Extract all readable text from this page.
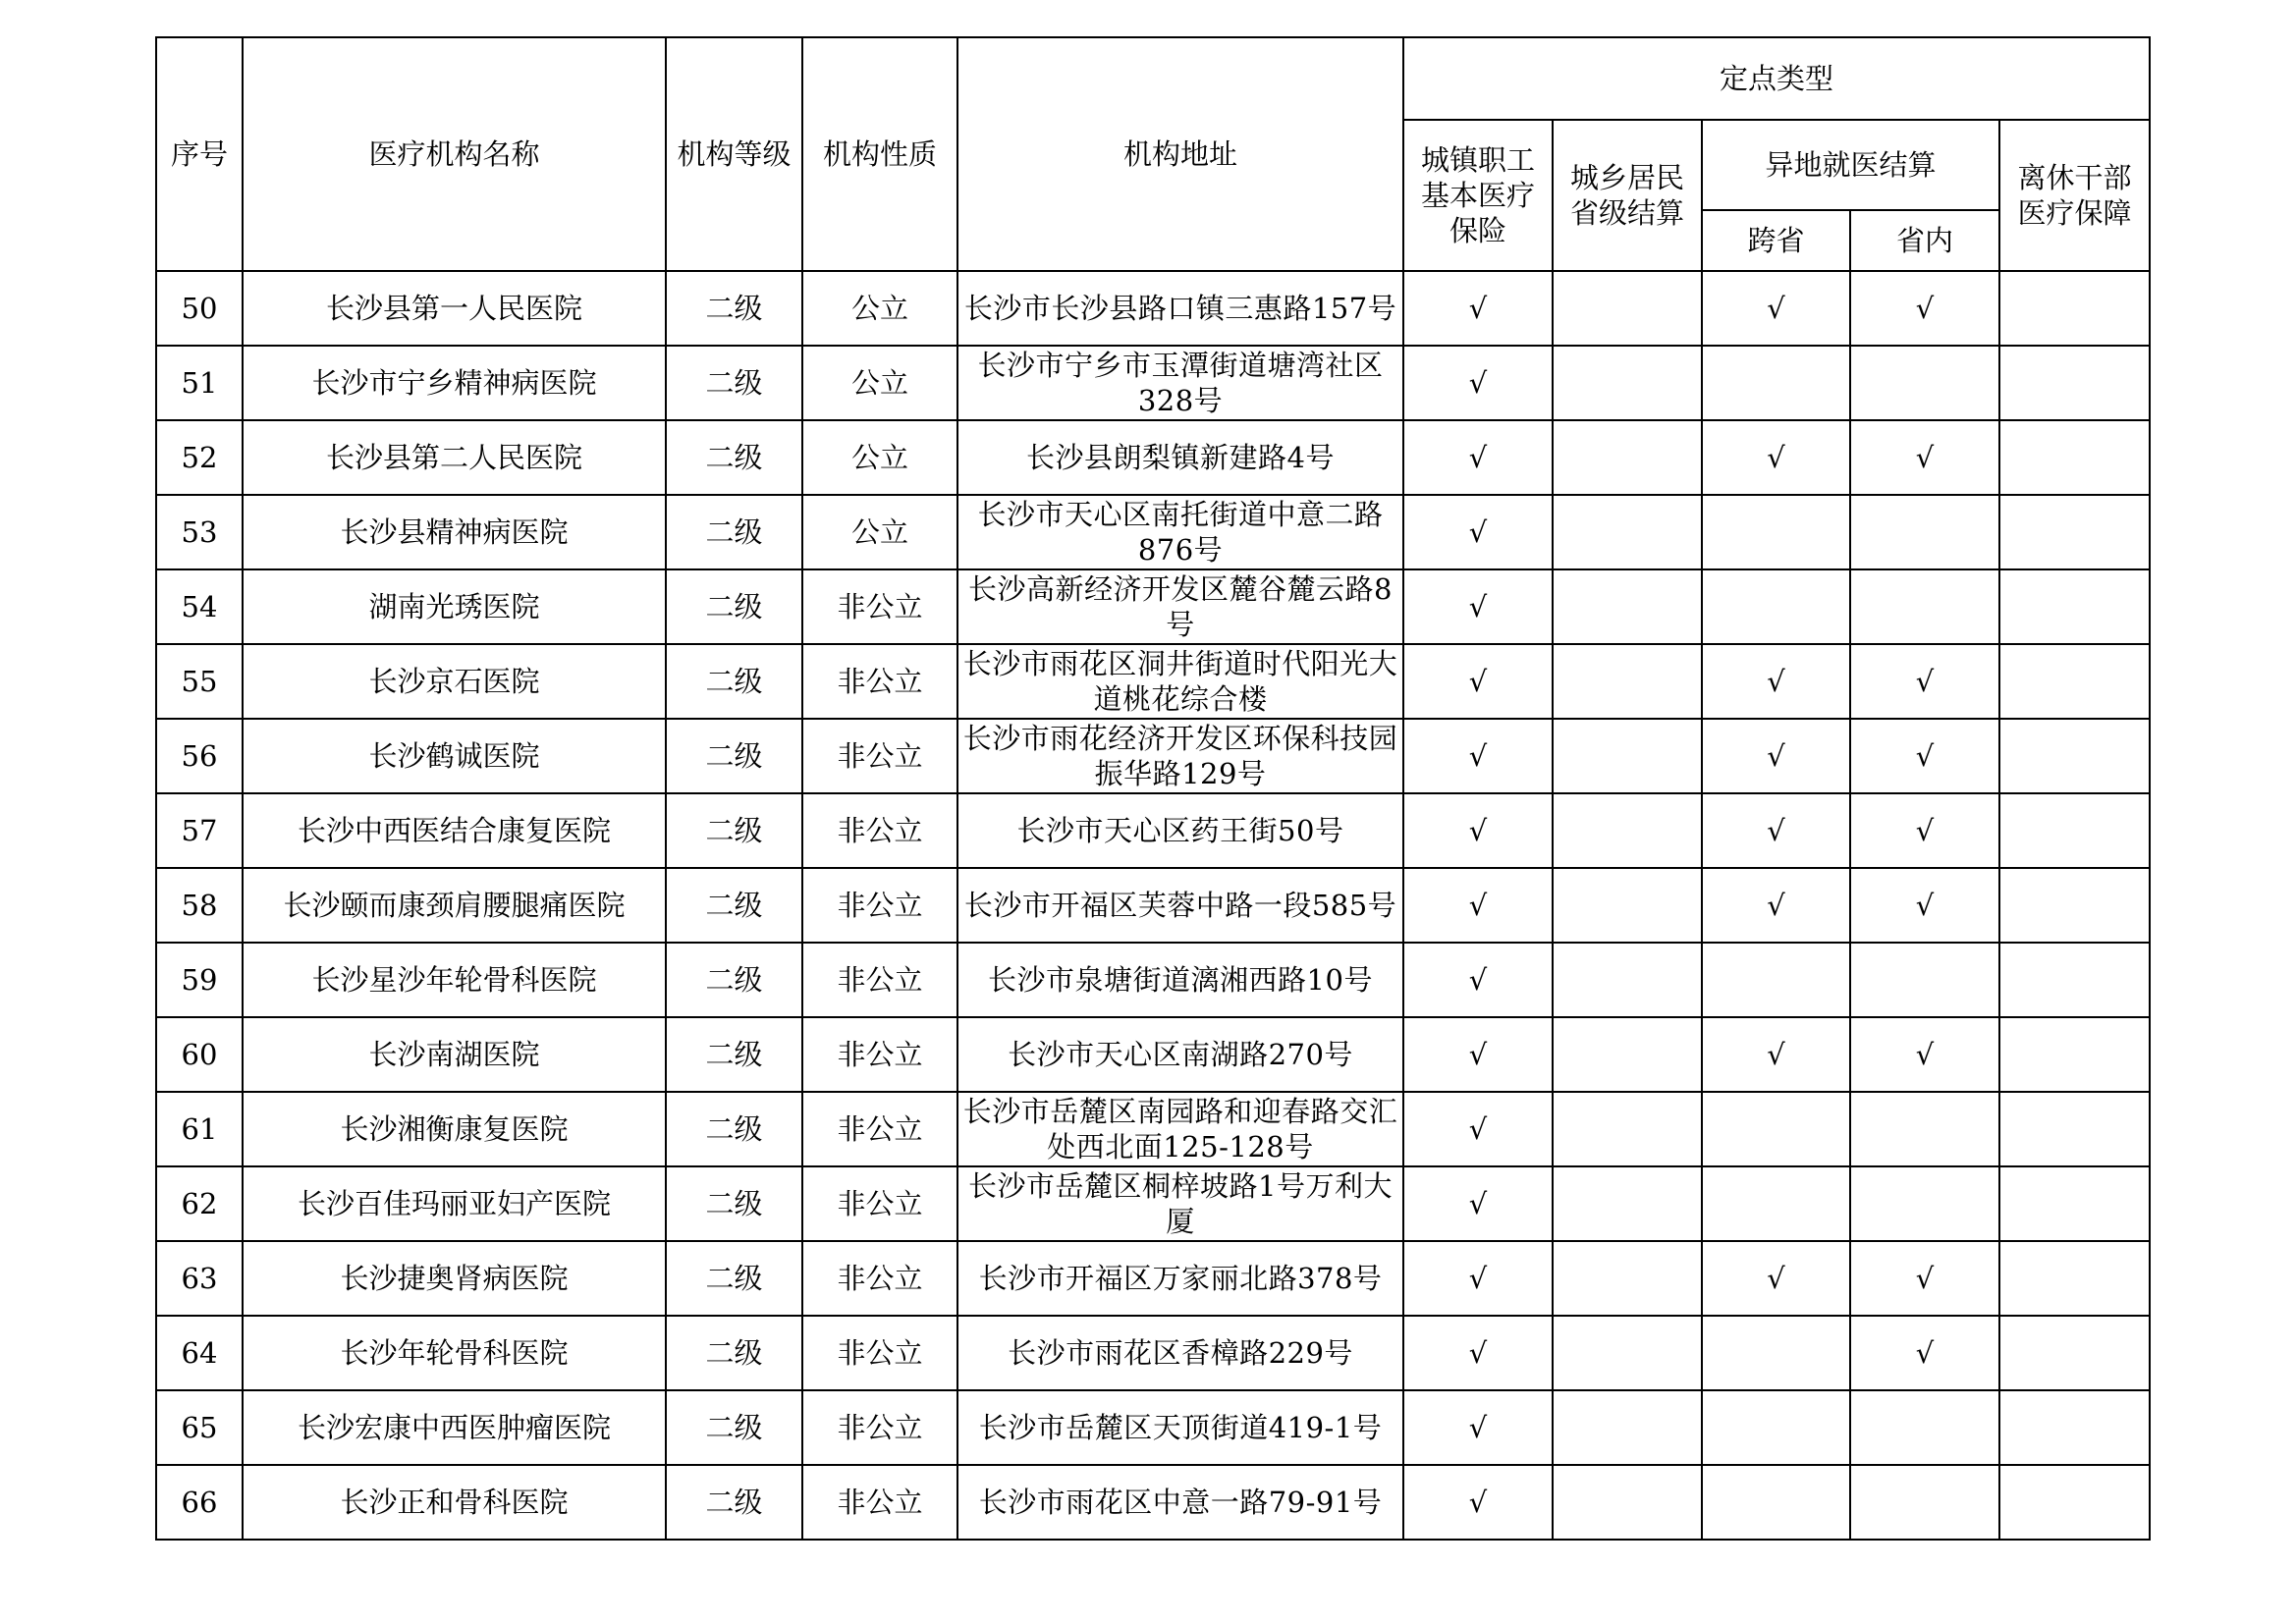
序号	医疗机构名称	机构等级	机构性质	机构地址	定点类型				
					城镇职工基本医疗保险	城乡居民省级结算	异地就医结算		离休干部医疗保障
							跨省	省内	
50	长沙县第一人民医院	二级	公立	长沙市长沙县路口镇三惠路157号	√		√	√	
51	长沙市宁乡精神病医院	二级	公立	长沙市宁乡市玉潭街道塘湾社区328号	√				
52	长沙县第二人民医院	二级	公立	长沙县朗梨镇新建路4号	√		√	√	
53	长沙县精神病医院	二级	公立	长沙市天心区南托街道中意二路876号	√				
54	湖南光琇医院	二级	非公立	长沙高新经济开发区麓谷麓云路8号	√				
55	长沙京石医院	二级	非公立	长沙市雨花区洞井街道时代阳光大道桃花综合楼	√		√	√	
56	长沙鹤诚医院	二级	非公立	长沙市雨花经济开发区环保科技园振华路129号	√		√	√	
57	长沙中西医结合康复医院	二级	非公立	长沙市天心区药王街50号	√		√	√	
58	长沙颐而康颈肩腰腿痛医院	二级	非公立	长沙市开福区芙蓉中路一段585号	√		√	√	
59	长沙星沙年轮骨科医院	二级	非公立	长沙市泉塘街道漓湘西路10号	√				
60	长沙南湖医院	二级	非公立	长沙市天心区南湖路270号	√		√	√	
61	长沙湘衡康复医院	二级	非公立	长沙市岳麓区南园路和迎春路交汇处西北面125-128号	√				
62	长沙百佳玛丽亚妇产医院	二级	非公立	长沙市岳麓区桐梓坡路1号万利大厦	√				
63	长沙捷奥肾病医院	二级	非公立	长沙市开福区万家丽北路378号	√		√	√	
64	长沙年轮骨科医院	二级	非公立	长沙市雨花区香樟路229号	√			√	
65	长沙宏康中西医肿瘤医院	二级	非公立	长沙市岳麓区天顶街道419-1号	√				
66	长沙正和骨科医院	二级	非公立	长沙市雨花区中意一路79-91号	√				
